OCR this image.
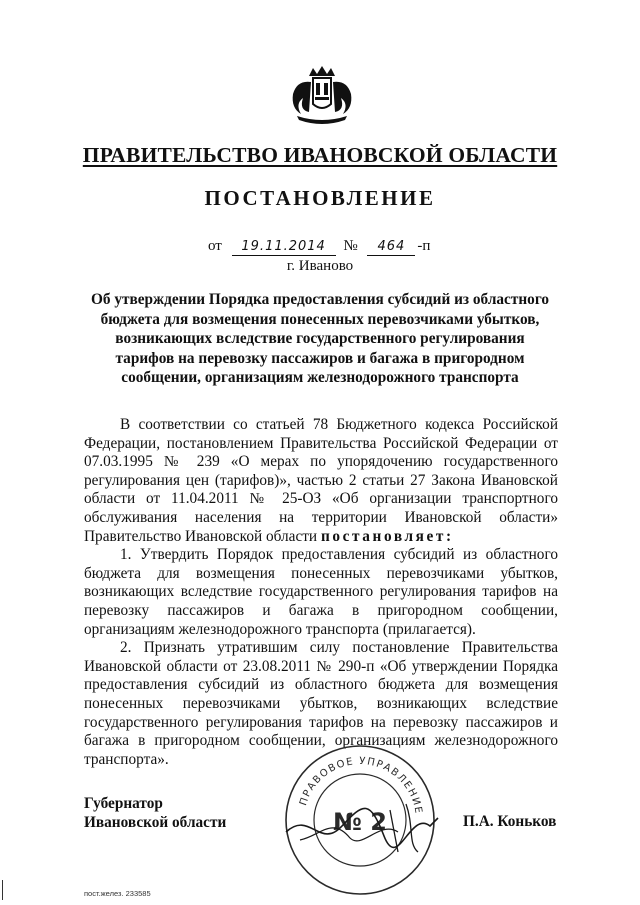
ПРАВИТЕЛЬСТВО ИВАНОВСКОЙ ОБЛАСТИ
ПОСТАНОВЛЕНИЕ
от 19.11.2014 № 464 -п
г. Иваново

Об утверждении Порядка предоставления субсидий из областного бюджета для возмещения понесенных перевозчиками убытков, возникающих вследствие государственного регулирования тарифов на перевозку пассажиров и багажа в пригородном сообщении, организациям железнодорожного транспорта

В соответствии со статьей 78 Бюджетного кодекса Российской Федерации, постановлением Правительства Российской Федерации от 07.03.1995 № 239 «О мерах по упорядочению государственного регулирования цен (тарифов)», частью 2 статьи 27 Закона Ивановской области от 11.04.2011 № 25-ОЗ «Об организации транспортного обслуживания населения на территории Ивановской области» Правительство Ивановской области постановляет:

1. Утвердить Порядок предоставления субсидий из областного бюджета для возмещения понесенных перевозчиками убытков, возникающих вследствие государственного регулирования тарифов на перевозку пассажиров и багажа в пригородном сообщении, организациям железнодорожного транспорта (прилагается).

2. Признать утратившим силу постановление Правительства Ивановской области от 23.08.2011 № 290-п «Об утверждении Порядка предоставления субсидий из областного бюджета для возмещения понесенных перевозчиками убытков, возникающих вследствие государственного регулирования тарифов на перевозку пассажиров и багажа в пригородном сообщении, организациям железнодорожного транспорта».

Губернатор
Ивановской области	П.А. Коньков
ПРАВОВОЕ УПРАВЛЕНИЕ
№ 2
пост.желез. 233585
